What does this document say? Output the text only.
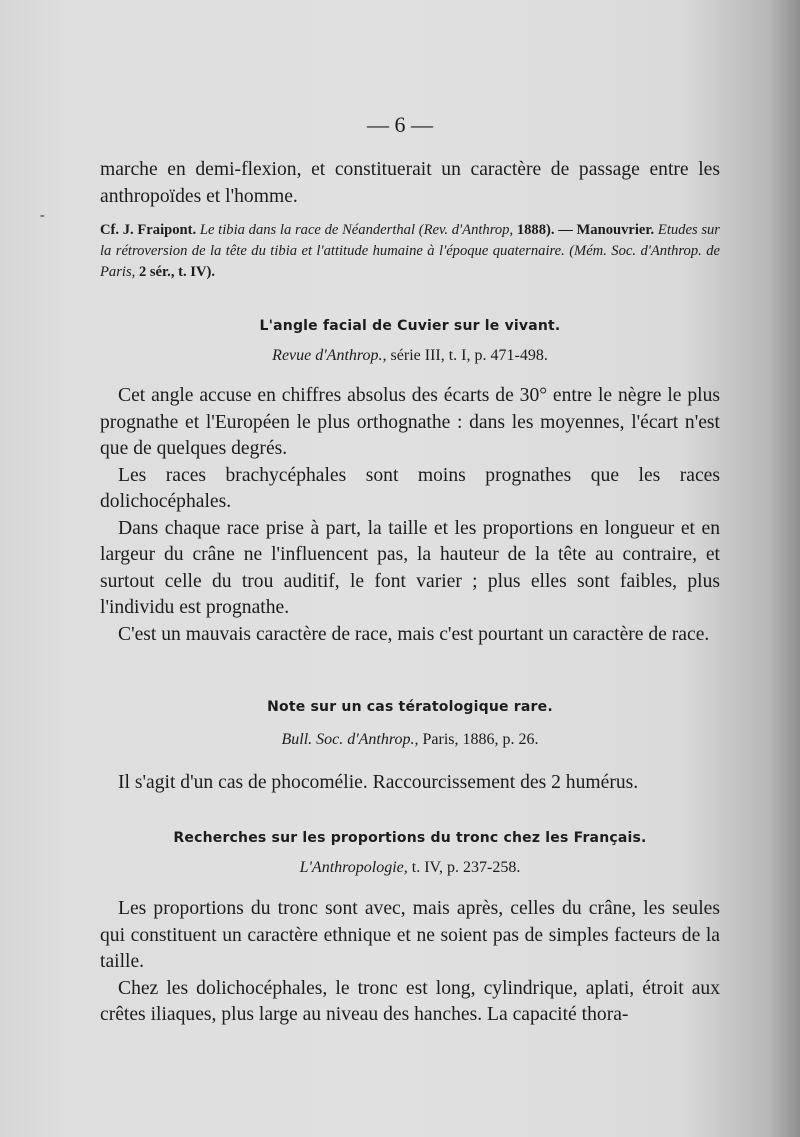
— 6 —

marche en demi-flexion, et constituerait un caractère de passage entre les anthropoïdes et l'homme.

-

Cf. J. Fraipont. Le tibia dans la race de Néanderthal (Rev. d'Anthrop, 1888). — Manouvrier. Etudes sur la rétroversion de la tête du tibia et l'attitude humaine à l'époque quaternaire. (Mém. Soc. d'Anthrop. de Paris, 2 sér., t. IV).

L'angle facial de Cuvier sur le vivant.
Revue d'Anthrop., série III, t. I, p. 471-498.

Cet angle accuse en chiffres absolus des écarts de 30° entre le nègre le plus prognathe et l'Européen le plus orthognathe : dans les moyennes, l'écart n'est que de quelques degrés.

Les races brachycéphales sont moins prognathes que les races dolichocéphales.

Dans chaque race prise à part, la taille et les proportions en longueur et en largeur du crâne ne l'influencent pas, la hauteur de la tête au contraire, et surtout celle du trou auditif, le font varier ; plus elles sont faibles, plus l'individu est prognathe.

C'est un mauvais caractère de race, mais c'est pourtant un caractère de race.

Note sur un cas tératologique rare.
Bull. Soc. d'Anthrop., Paris, 1886, p. 26.

Il s'agit d'un cas de phocomélie. Raccourcissement des 2 humérus.

Recherches sur les proportions du tronc chez les Français.
L'Anthropologie, t. IV, p. 237-258.

Les proportions du tronc sont avec, mais après, celles du crâne, les seules qui constituent un caractère ethnique et ne soient pas de simples facteurs de la taille.

Chez les dolichocéphales, le tronc est long, cylindrique, aplati, étroit aux crêtes iliaques, plus large au niveau des hanches. La capacité thora-
